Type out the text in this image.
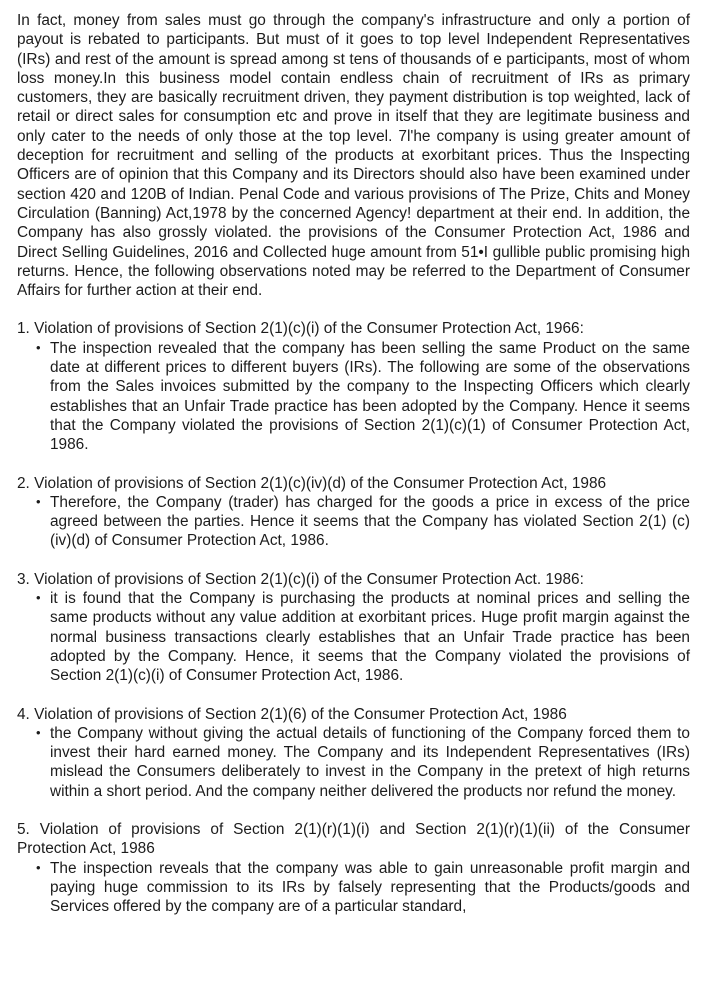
In fact, money from sales must go through the company's infrastructure and only a portion of payout is rebated to participants. But must of it goes to top level Independent Representatives (IRs) and rest of the amount is spread among st tens of thousands of e participants, most of whom loss money.In this business model contain endless chain of recruitment of IRs as primary customers, they are basically recruitment driven, they payment distribution is top weighted, lack of retail or direct sales for consumption etc and prove in itself that they are legitimate business and only cater to the needs of only those at the top level. 7l'he company is using greater amount of deception for recruitment and selling of the products at exorbitant prices. Thus the Inspecting Officers are of opinion that this Company and its Directors should also have been examined under section 420 and 120B of Indian. Penal Code and various provisions of The Prize, Chits and Money Circulation (Banning) Act,1978 by the concerned Agency! department at their end. In addition, the Company has also grossly violated. the provisions of the Consumer Protection Act, 1986 and Direct Selling Guidelines, 2016 and Collected huge amount from 51•I gullible public promising high returns. Hence, the following observations noted may be referred to the Department of Consumer Affairs for further action at their end.

1. Violation of provisions of Section 2(1)(c)(i) of the Consumer Protection Act, 1966:

• The inspection revealed that the company has been selling the same Product on the same date at different prices to different buyers (IRs). The following are some of the observations from the Sales invoices submitted by the company to the Inspecting Officers which clearly establishes that an Unfair Trade practice has been adopted by the Company. Hence it seems that the Company violated the provisions of Section 2(1)(c)(1) of Consumer Protection Act, 1986.

2. Violation of provisions of Section 2(1)(c)(iv)(d) of the Consumer Protection Act, 1986

• Therefore, the Company (trader) has charged for the goods a price in excess of the price agreed between the parties. Hence it seems that the Company has violated Section 2(1) (c) (iv)(d) of Consumer Protection Act, 1986.

3. Violation of provisions of Section 2(1)(c)(i) of the Consumer Protection Act. 1986:

• it is found that the Company is purchasing the products at nominal prices and selling the same products without any value addition at exorbitant prices. Huge profit margin against the normal business transactions clearly establishes that an Unfair Trade practice has been adopted by the Company. Hence, it seems that the Company violated the provisions of Section 2(1)(c)(i) of Consumer Protection Act, 1986.

4. Violation of provisions of Section 2(1)(6) of the Consumer Protection Act, 1986

• the Company without giving the actual details of functioning of the Company forced them to invest their hard earned money. The Company and its Independent Representatives (IRs) mislead the Consumers deliberately to invest in the Company in the pretext of high returns within a short period. And the company neither delivered the products nor refund the money.

5. Violation of provisions of Section 2(1)(r)(1)(i) and Section 2(1)(r)(1)(ii) of the Consumer Protection Act, 1986

• The inspection reveals that the company was able to gain unreasonable profit margin and paying huge commission to its IRs by falsely representing that the Products/goods and Services offered by the company are of a particular standard,
